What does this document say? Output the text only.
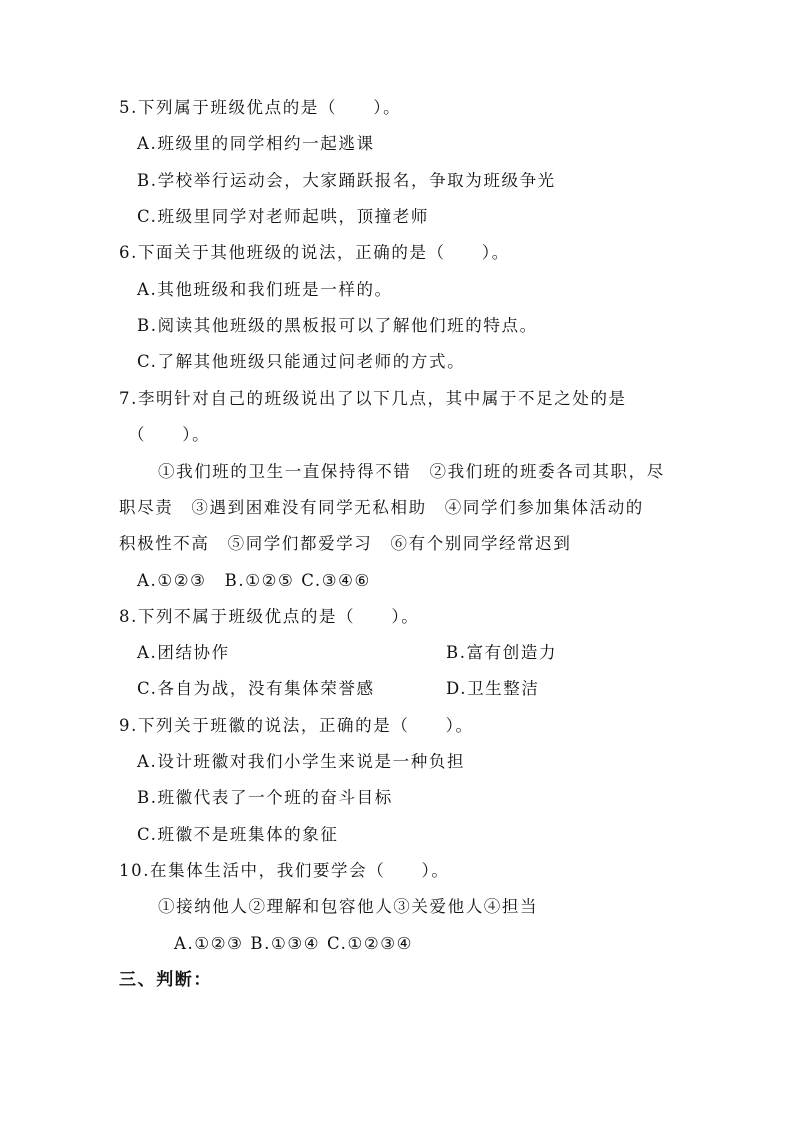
5.下列属于班级优点的是（　　）。
A.班级里的同学相约一起逃课
B.学校举行运动会，大家踊跃报名，争取为班级争光
C.班级里同学对老师起哄，顶撞老师
6.下面关于其他班级的说法，正确的是（　　）。
A.其他班级和我们班是一样的。
B.阅读其他班级的黑板报可以了解他们班的特点。
C.了解其他班级只能通过问老师的方式。
7.李明针对自己的班级说出了以下几点，其中属于不足之处的是
（　　）。
①我们班的卫生一直保持得不错　②我们班的班委各司其职，尽
职尽责　③遇到困难没有同学无私相助　④同学们参加集体活动的
积极性不高　⑤同学们都爱学习　⑥有个别同学经常迟到
A.①②③　B.①②⑤ C.③④⑥
8.下列不属于班级优点的是（　　）。
A.团结协作	B.富有创造力
C.各自为战，没有集体荣誉感	D.卫生整洁
9.下列关于班徽的说法，正确的是（　　）。
A.设计班徽对我们小学生来说是一种负担
B.班徽代表了一个班的奋斗目标
C.班徽不是班集体的象征
10.在集体生活中，我们要学会（　　）。
①接纳他人②理解和包容他人③关爱他人④担当
A.①②③ B.①③④ C.①②③④
三、判断：
